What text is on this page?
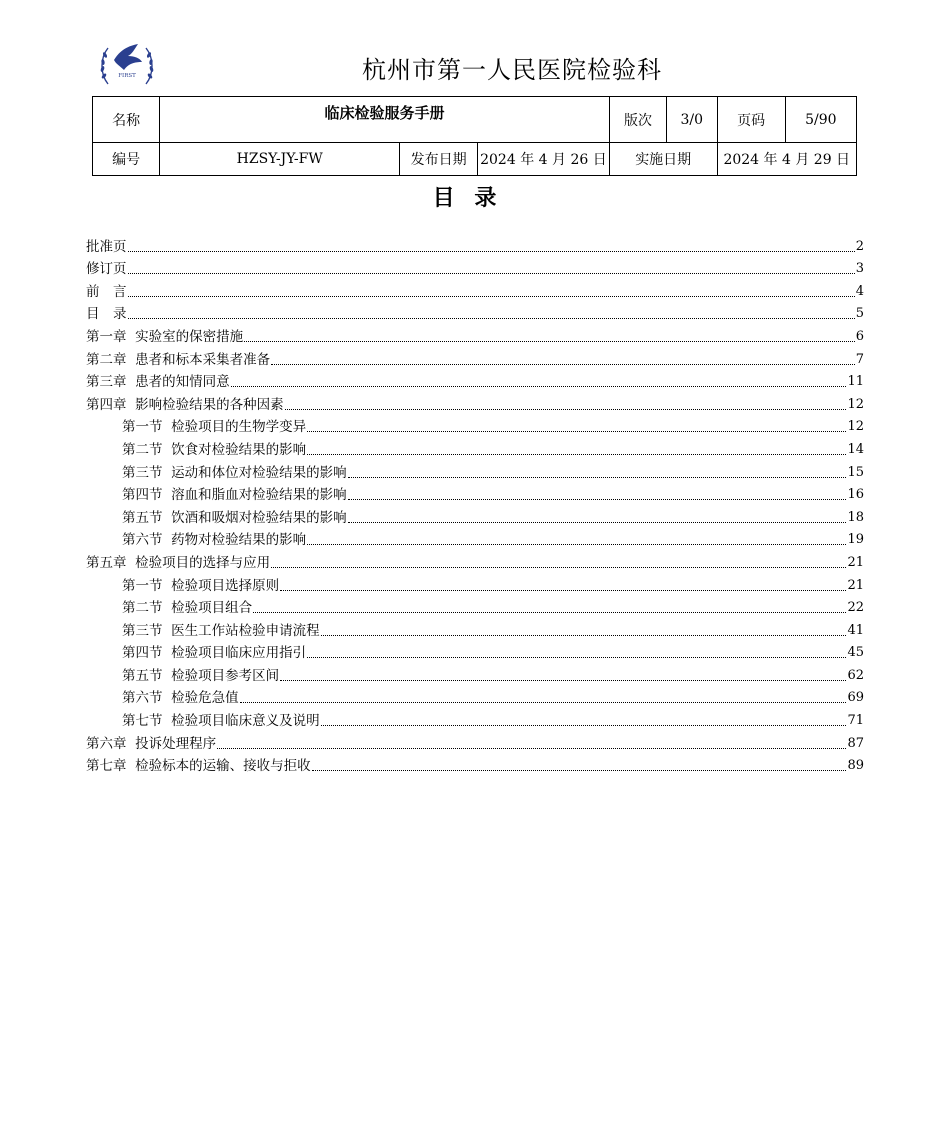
FIRST	杭州市第一人民医院检验科
名称	临床检验服务手册			版次	3/0	页码	5/90
编号	HZSY-JY-FW	发布日期	2024 年 4 月 26 日	实施日期		2024 年 4 月 29 日	
目 录
批准页	2
修订页	3
前　言	4
目　录	5
第一章  实验室的保密措施	6
第二章  患者和标本采集者准备	7
第三章  患者的知情同意	11
第四章  影响检验结果的各种因素	12
第一节  检验项目的生物学变异	12
第二节  饮食对检验结果的影响	14
第三节  运动和体位对检验结果的影响	15
第四节  溶血和脂血对检验结果的影响	16
第五节  饮酒和吸烟对检验结果的影响	18
第六节  药物对检验结果的影响	19
第五章  检验项目的选择与应用	21
第一节  检验项目选择原则	21
第二节  检验项目组合	22
第三节  医生工作站检验申请流程	41
第四节  检验项目临床应用指引	45
第五节  检验项目参考区间	62
第六节  检验危急值	69
第七节  检验项目临床意义及说明	71
第六章  投诉处理程序	87
第七章  检验标本的运输、接收与拒收	89
